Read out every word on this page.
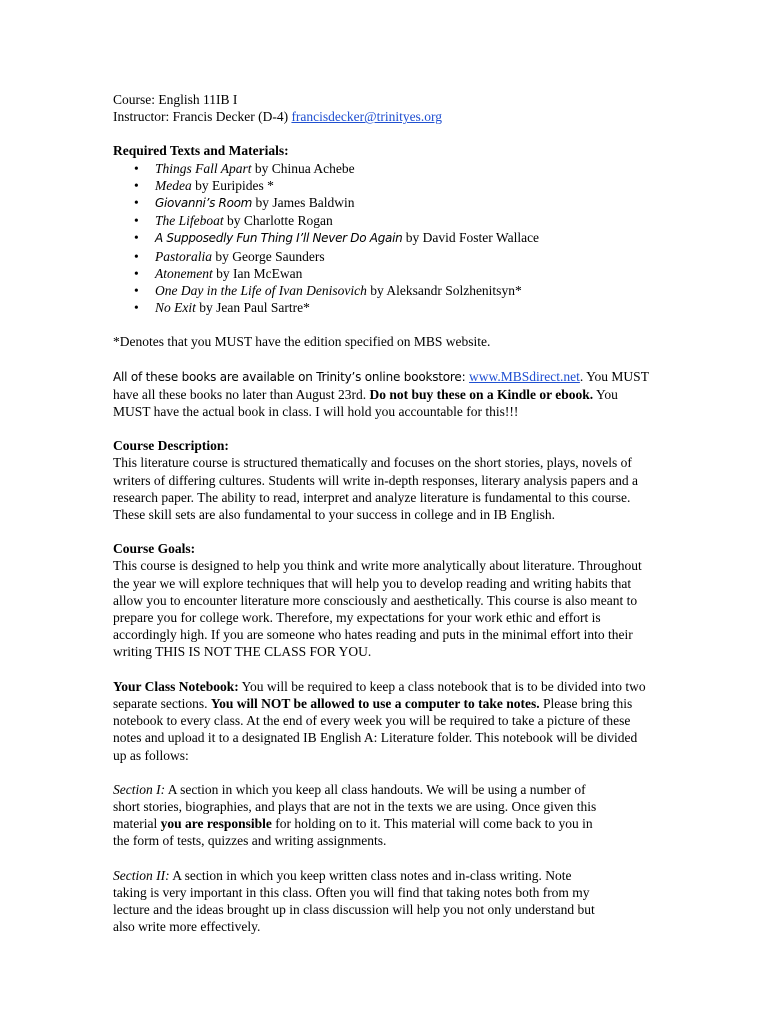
Course: English 11IB I

Instructor: Francis Decker (D-4) francisdecker@trinityes.org

Required Texts and Materials:

• Things Fall Apart by Chinua Achebe
• Medea by Euripides *
• Giovanni’s Room by James Baldwin
• The Lifeboat by Charlotte Rogan
• A Supposedly Fun Thing I’ll Never Do Again by David Foster Wallace
• Pastoralia by George Saunders
• Atonement by Ian McEwan
• One Day in the Life of Ivan Denisovich by Aleksandr Solzhenitsyn*
• No Exit by Jean Paul Sartre*

*Denotes that you MUST have the edition specified on MBS website.

All of these books are available on Trinity’s online bookstore: www.MBSdirect.net. You MUST have all these books no later than August 23rd. Do not buy these on a Kindle or ebook. You MUST have the actual book in class. I will hold you accountable for this!!!

Course Description:

This literature course is structured thematically and focuses on the short stories, plays, novels of writers of differing cultures. Students will write in-depth responses, literary analysis papers and a research paper. The ability to read, interpret and analyze literature is fundamental to this course. These skill sets are also fundamental to your success in college and in IB English.

Course Goals:

This course is designed to help you think and write more analytically about literature. Throughout the year we will explore techniques that will help you to develop reading and writing habits that allow you to encounter literature more consciously and aesthetically. This course is also meant to prepare you for college work. Therefore, my expectations for your work ethic and effort is accordingly high. If you are someone who hates reading and puts in the minimal effort into their writing THIS IS NOT THE CLASS FOR YOU.

Your Class Notebook: You will be required to keep a class notebook that is to be divided into two separate sections. You will NOT be allowed to use a computer to take notes. Please bring this notebook to every class. At the end of every week you will be required to take a picture of these notes and upload it to a designated IB English A: Literature folder. This notebook will be divided up as follows:

Section I: A section in which you keep all class handouts. We will be using a number of short stories, biographies, and plays that are not in the texts we are using. Once given this material you are responsible for holding on to it. This material will come back to you in the form of tests, quizzes and writing assignments.

Section II: A section in which you keep written class notes and in-class writing. Note taking is very important in this class. Often you will find that taking notes both from my lecture and the ideas brought up in class discussion will help you not only understand but also write more effectively.
